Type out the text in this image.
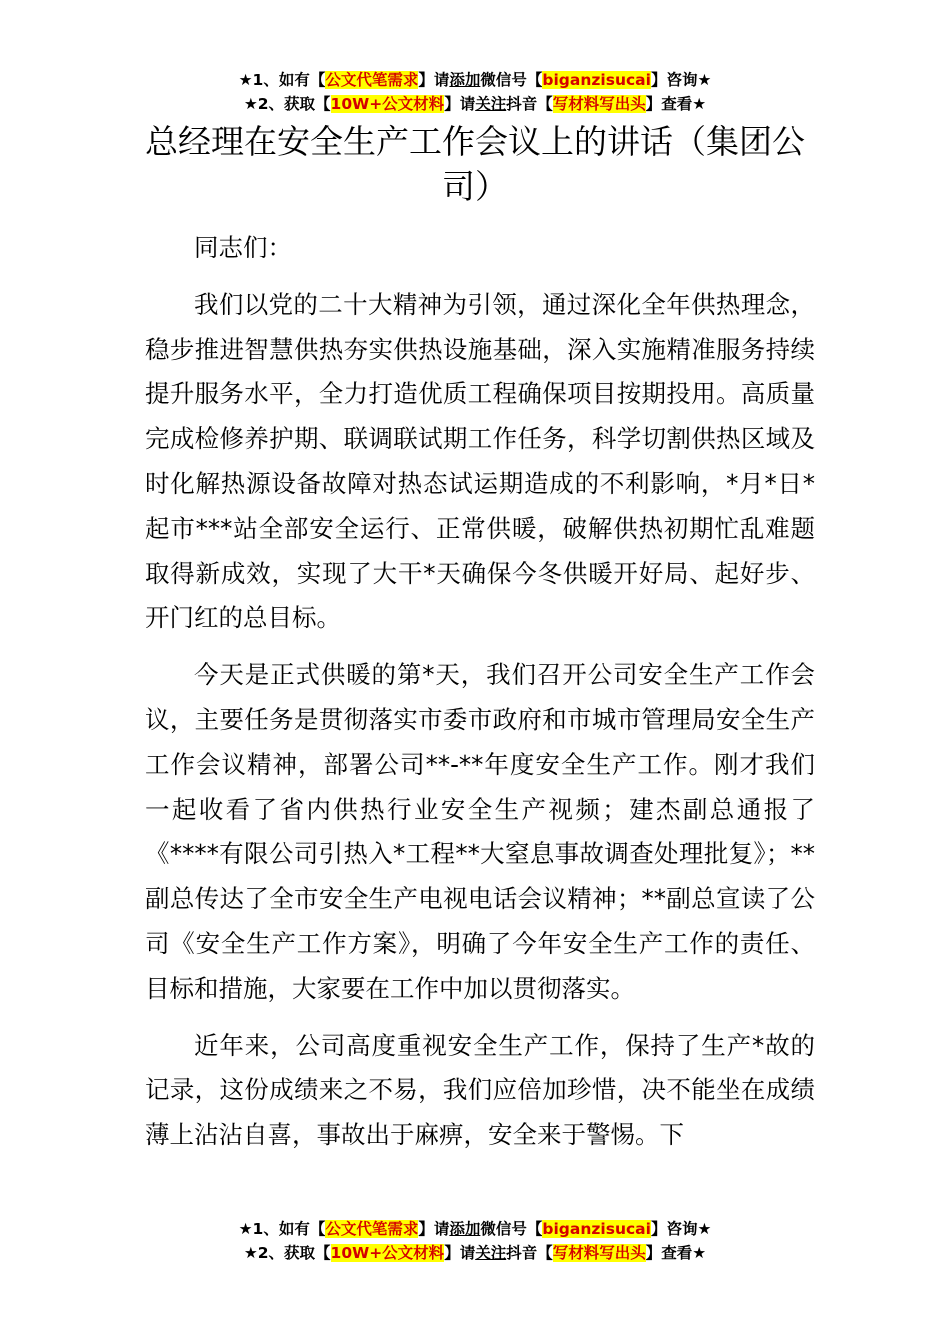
★1、如有【公文代笔需求】请添加微信号【biganzisucai】咨询★
★2、获取【10W+公文材料】请关注抖音【写材料写出头】查看★
总经理在安全生产工作会议上的讲话（集团公司）

同志们：

我们以党的二十大精神为引领，通过深化全年供热理念，稳步推进智慧供热夯实供热设施基础，深入实施精准服务持续提升服务水平，全力打造优质工程确保项目按期投用。高质量完成检修养护期、联调联试期工作任务，科学切割供热区域及时化解热源设备故障对热态试运期造成的不利影响，*月*日*起市***站全部安全运行、正常供暖，破解供热初期忙乱难题取得新成效，实现了大干*天确保今冬供暖开好局、起好步、开门红的总目标。

今天是正式供暖的第*天，我们召开公司安全生产工作会议，主要任务是贯彻落实市委市政府和市城市管理局安全生产工作会议精神，部署公司**-**年度安全生产工作。刚才我们一起收看了省内供热行业安全生产视频；建杰副总通报了《****有限公司引热入*工程**大窒息事故调查处理批复》；**副总传达了全市安全生产电视电话会议精神；**副总宣读了公司《安全生产工作方案》，明确了今年安全生产工作的责任、目标和措施，大家要在工作中加以贯彻落实。

近年来，公司高度重视安全生产工作，保持了生产*故的记录，这份成绩来之不易，我们应倍加珍惜，决不能坐在成绩薄上沾沾自喜，事故出于麻痹，安全来于警惕。下

★1、如有【公文代笔需求】请添加微信号【biganzisucai】咨询★
★2、获取【10W+公文材料】请关注抖音【写材料写出头】查看★
